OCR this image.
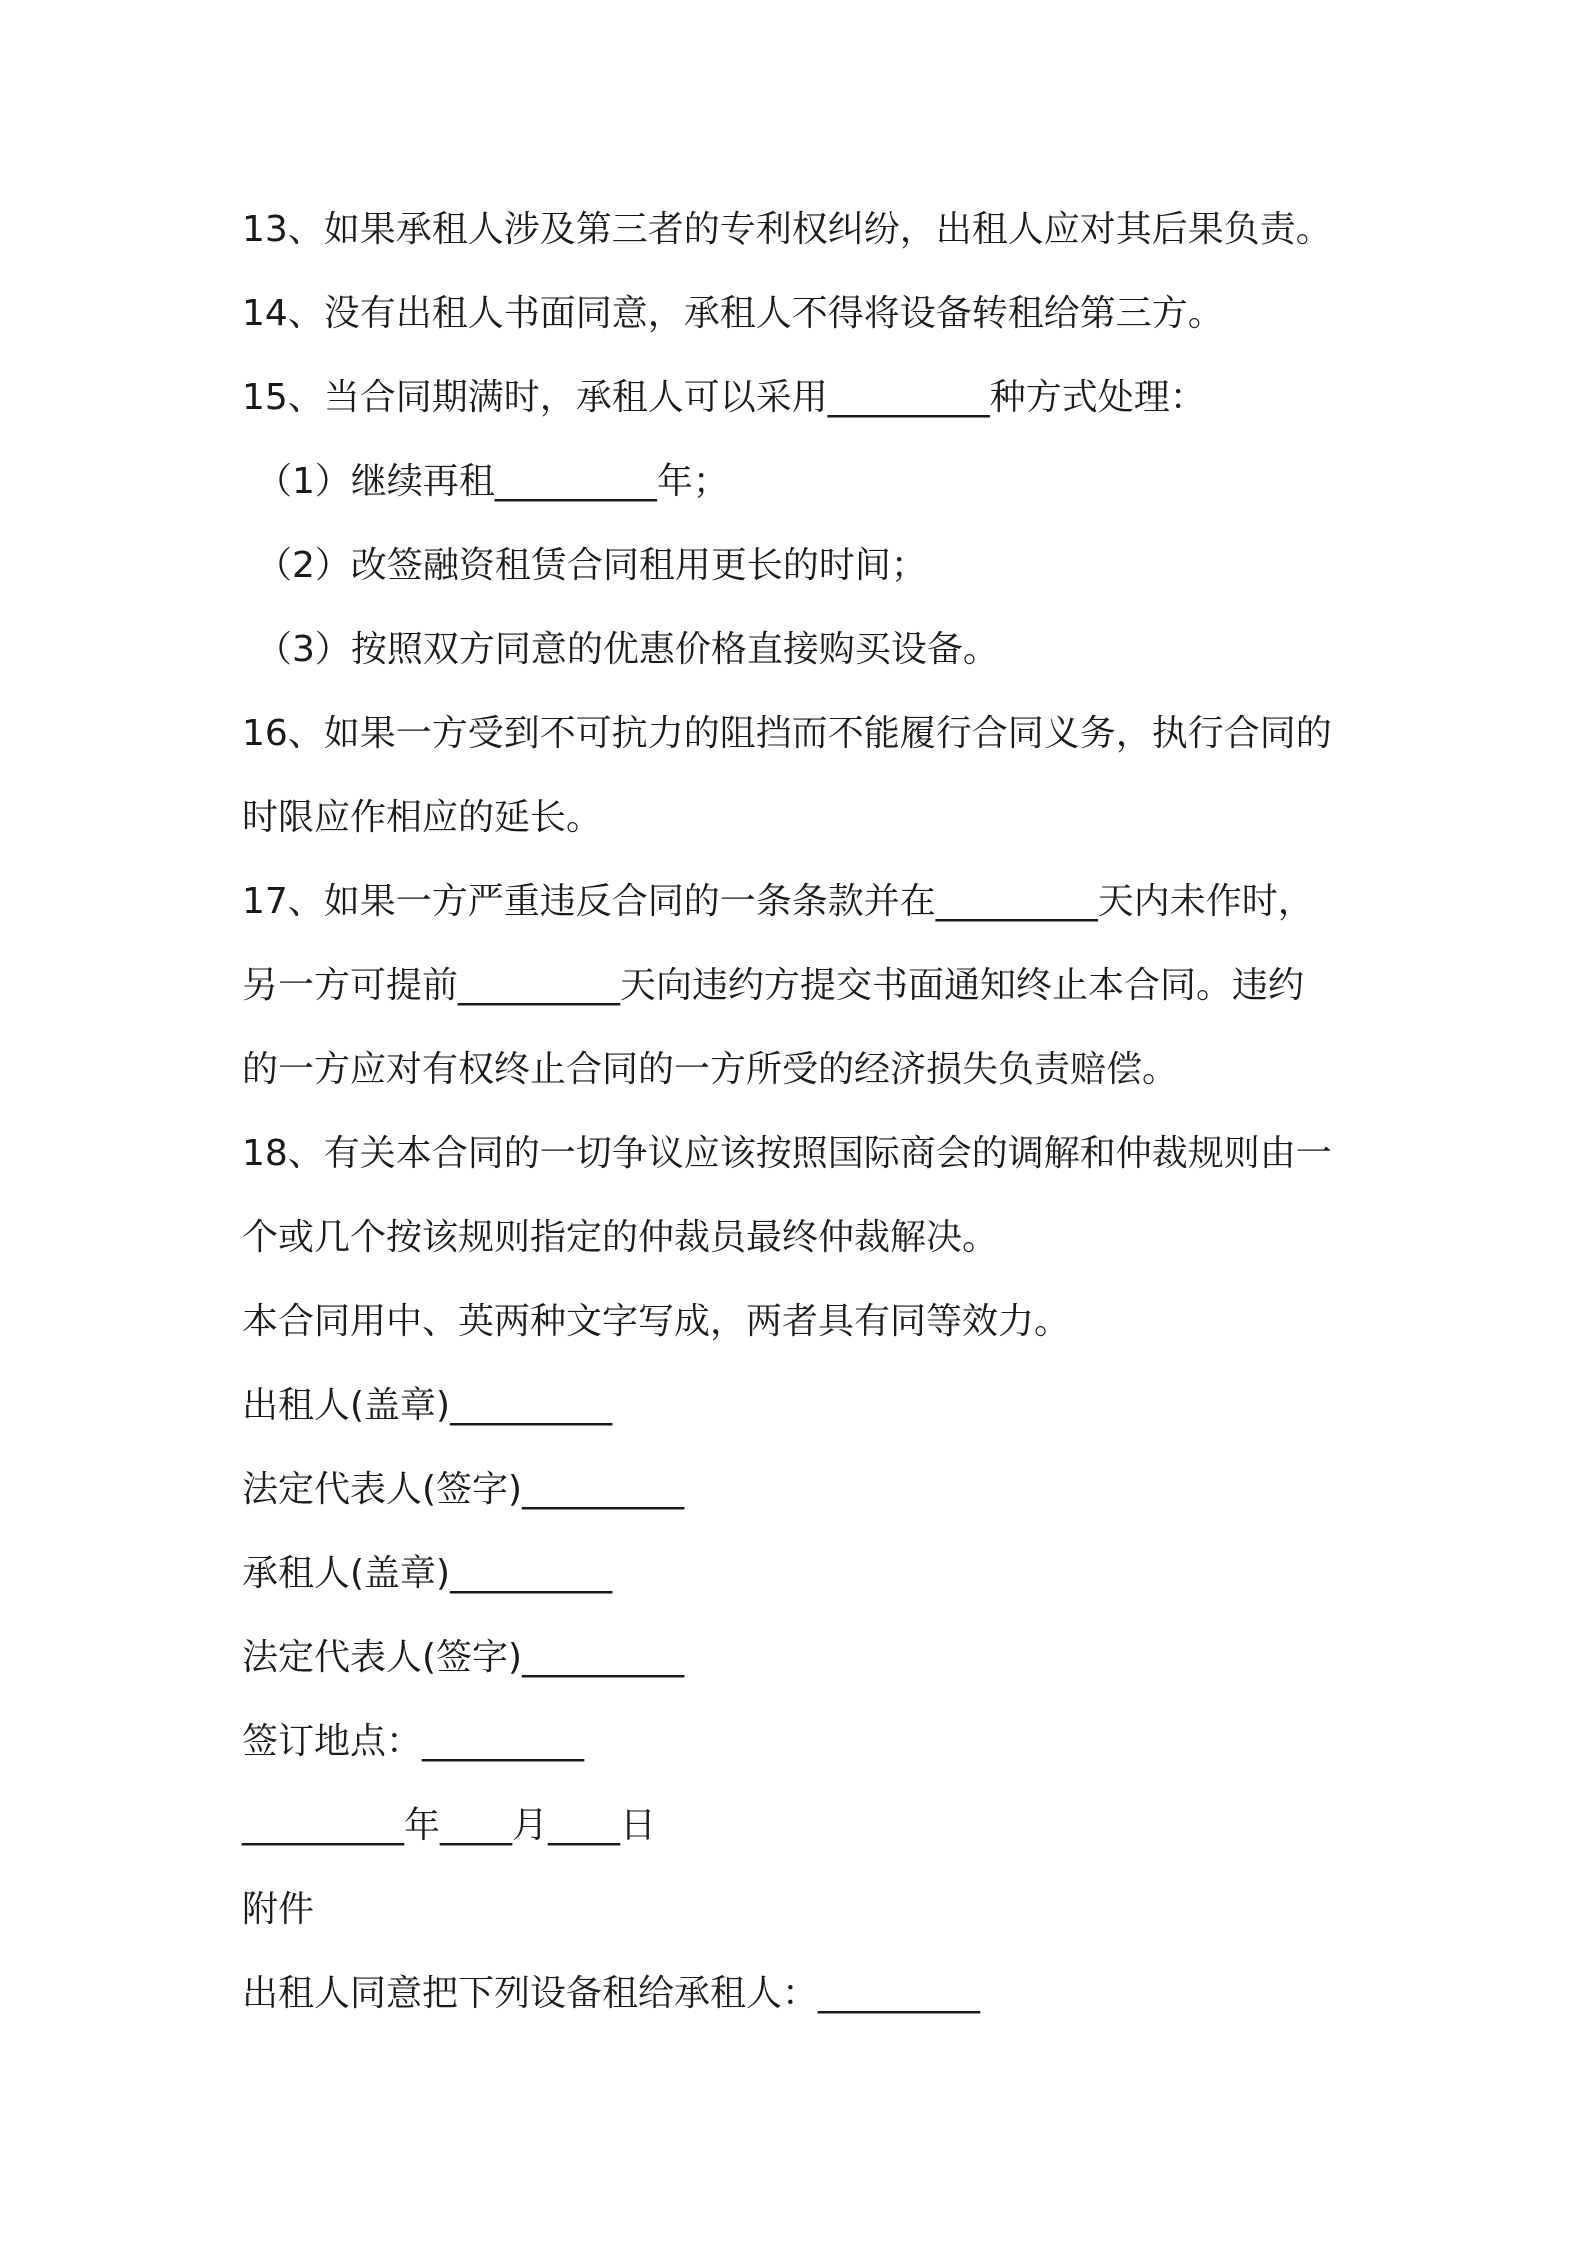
13、如果承租人涉及第三者的专利权纠纷，出租人应对其后果负责。
14、没有出租人书面同意，承租人不得将设备转租给第三方。
15、当合同期满时，承租人可以采用_________种方式处理：
（1）继续再租_________年；
（2）改签融资租赁合同租用更长的时间；
（3）按照双方同意的优惠价格直接购买设备。
16、如果一方受到不可抗力的阻挡而不能履行合同义务，执行合同的
时限应作相应的延长。
17、如果一方严重违反合同的一条条款并在_________天内未作时，
另一方可提前_________天向违约方提交书面通知终止本合同。违约
的一方应对有权终止合同的一方所受的经济损失负责赔偿。
18、有关本合同的一切争议应该按照国际商会的调解和仲裁规则由一
个或几个按该规则指定的仲裁员最终仲裁解决。
本合同用中、英两种文字写成，两者具有同等效力。
出租人(盖章)_________
法定代表人(签字)_________
承租人(盖章)_________
法定代表人(签字)_________
签订地点：_________
_________年____月____日
附件
出租人同意把下列设备租给承租人：_________
